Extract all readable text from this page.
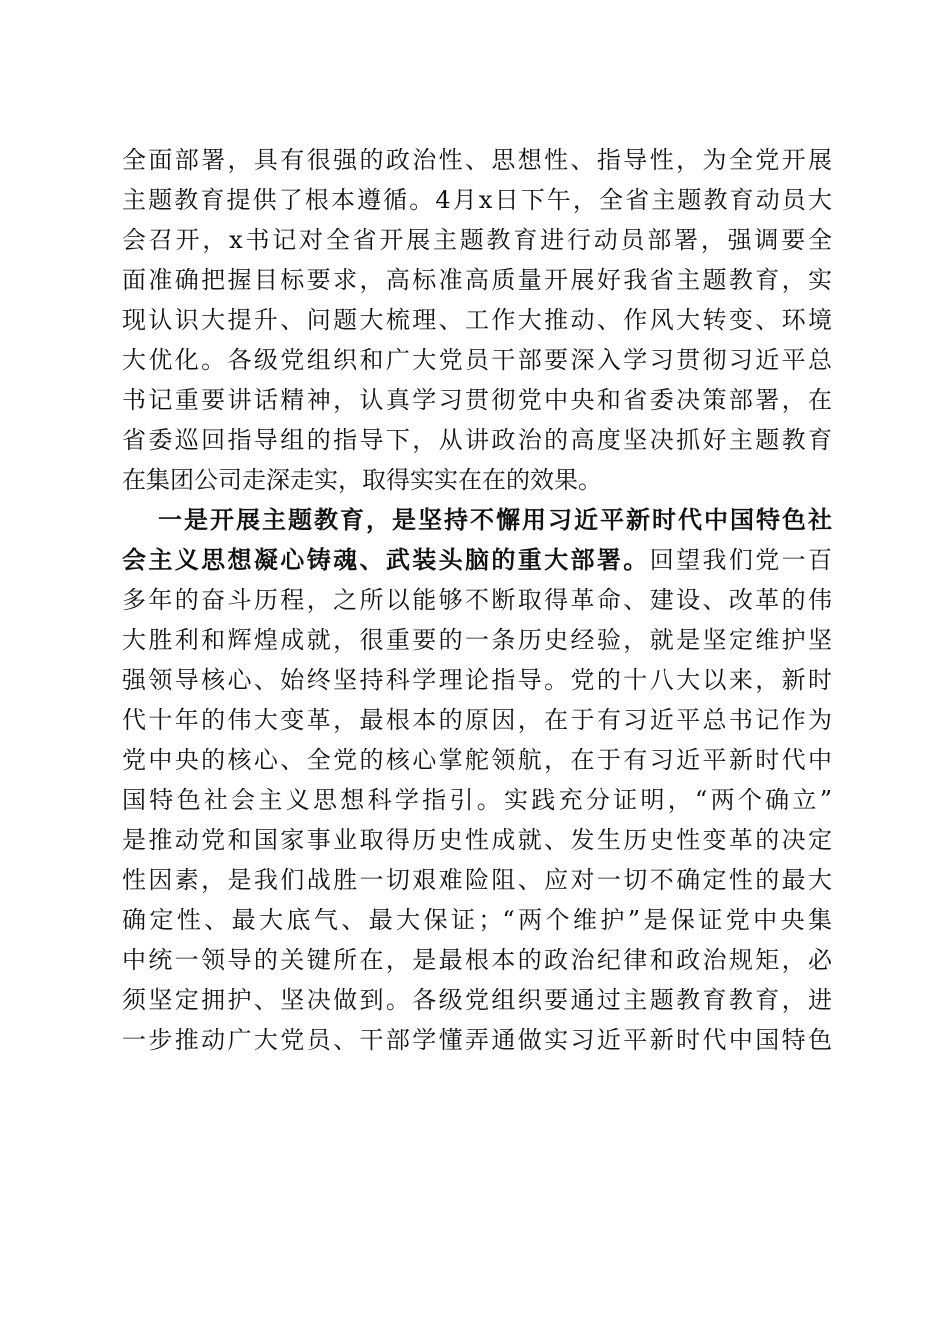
全面部署，具有很强的政治性、思想性、指导性，为全党开展
主题教育提供了根本遵循。4月x日下午，全省主题教育动员大
会召开，x书记对全省开展主题教育进行动员部署，强调要全
面准确把握目标要求，高标准高质量开展好我省主题教育，实
现认识大提升、问题大梳理、工作大推动、作风大转变、环境
大优化。各级党组织和广大党员干部要深入学习贯彻习近平总
书记重要讲话精神，认真学习贯彻党中央和省委决策部署，在
省委巡回指导组的指导下，从讲政治的高度坚决抓好主题教育
在集团公司走深走实，取得实实在在的效果。
一是开展主题教育，是坚持不懈用习近平新时代中国特色社
会主义思想凝心铸魂、武装头脑的重大部署。回望我们党一百
多年的奋斗历程，之所以能够不断取得革命、建设、改革的伟
大胜利和辉煌成就，很重要的一条历史经验，就是坚定维护坚
强领导核心、始终坚持科学理论指导。党的十八大以来，新时
代十年的伟大变革，最根本的原因，在于有习近平总书记作为
党中央的核心、全党的核心掌舵领航，在于有习近平新时代中
国特色社会主义思想科学指引。实践充分证明，“两个确立”
是推动党和国家事业取得历史性成就、发生历史性变革的决定
性因素，是我们战胜一切艰难险阻、应对一切不确定性的最大
确定性、最大底气、最大保证；“两个维护”是保证党中央集
中统一领导的关键所在，是最根本的政治纪律和政治规矩，必
须坚定拥护、坚决做到。各级党组织要通过主题教育教育，进
一步推动广大党员、干部学懂弄通做实习近平新时代中国特色
